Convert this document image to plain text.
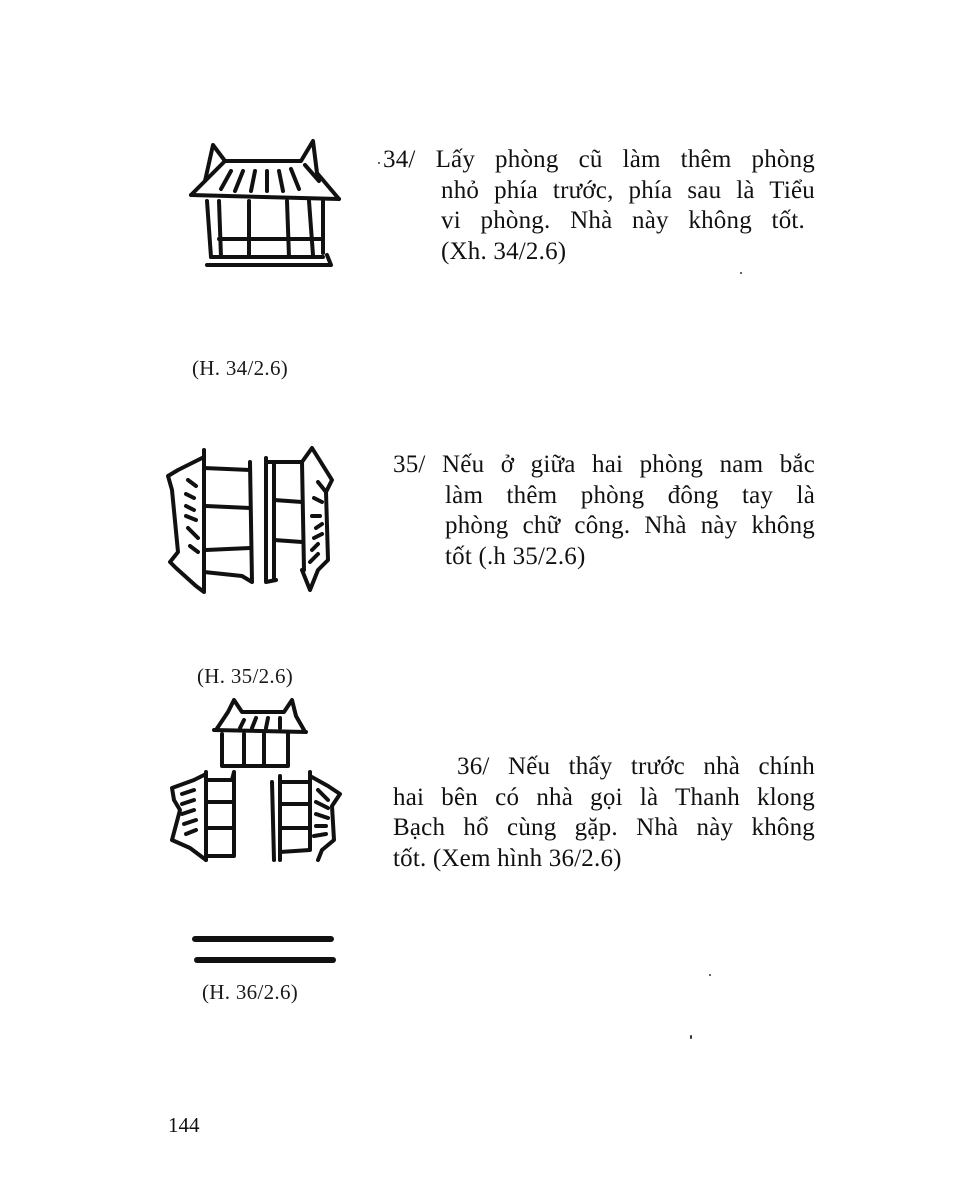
34/ Lấy phòng cũ làm thêm phòng
nhỏ phía trước, phía sau là Tiểu
vi phòng. Nhà này không tốt.
(Xh. 34/2.6)
(H. 34/2.6)
35/ Nếu ở giữa hai phòng nam bắc
làm thêm phòng đông tay là
phòng chữ công. Nhà này không
tốt (.h 35/2.6)
(H. 35/2.6)
36/ Nếu thấy trước nhà chính
hai bên có nhà gọi là Thanh klong
Bạch hổ cùng gặp. Nhà này không
tốt. (Xem hình 36/2.6)
(H. 36/2.6)
144
